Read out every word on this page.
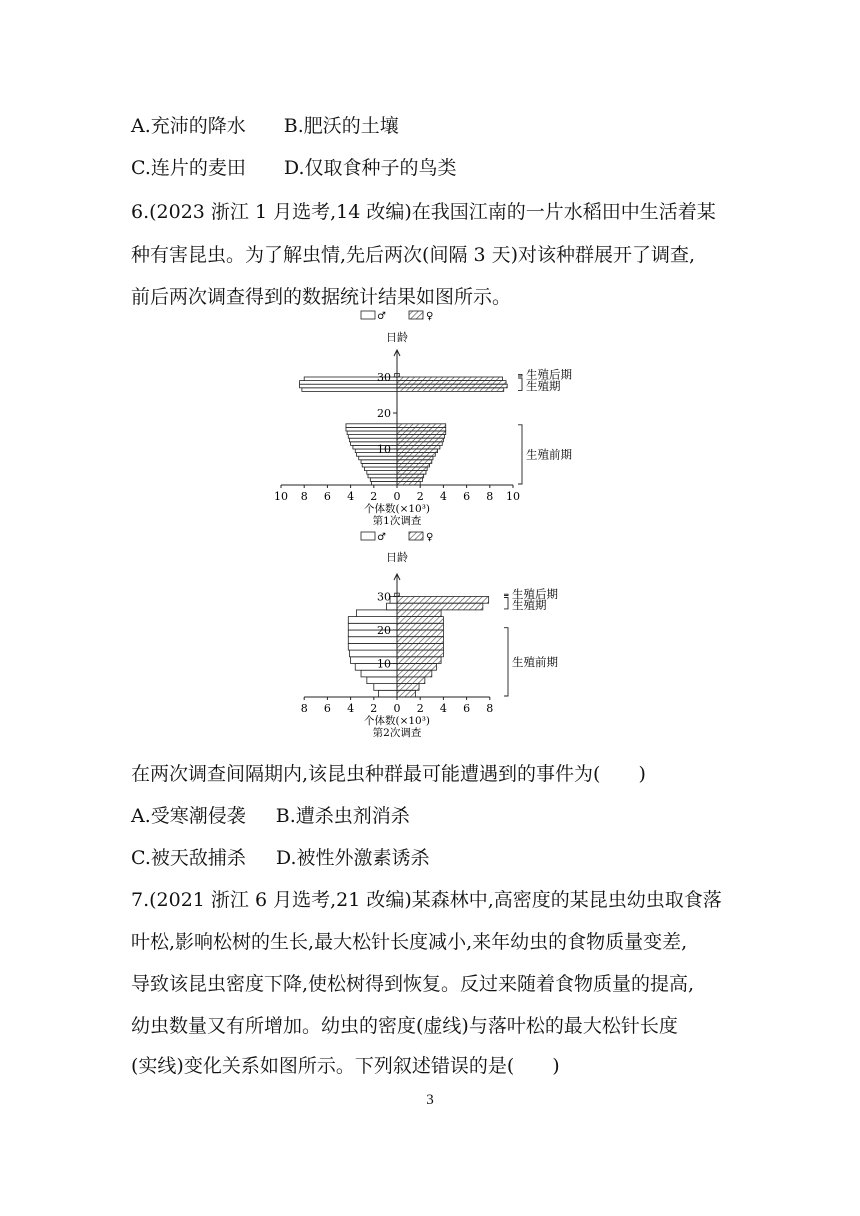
A.充沛的降水 B.肥沃的土壤
C.连片的麦田 D.仅取食种子的鸟类
6.(2023 浙江 1 月选考,14 改编)在我国江南的一片水稻田中生活着某
种有害昆虫。为了解虫情,先后两次(间隔 3 天)对该种群展开了调查,
前后两次调查得到的数据统计结果如图所示。
♂	♀
日龄
10
20
30
10 8 6 4 2 0 2 4 6 8 10
个体数(×10³)
第1次调查
生殖后期
生殖期
生殖前期
♂	♀
日龄
10
20
30
8 6 4 2 0 2 4 6 8
个体数(×10³)
第2次调查
生殖后期
生殖期
生殖前期
在两次调查间隔期内,该昆虫种群最可能遭遇到的事件为(　　)
A.受寒潮侵袭 B.遭杀虫剂消杀
C.被天敌捕杀 D.被性外激素诱杀
7.(2021 浙江 6 月选考,21 改编)某森林中,高密度的某昆虫幼虫取食落
叶松,影响松树的生长,最大松针长度减小,来年幼虫的食物质量变差,
导致该昆虫密度下降,使松树得到恢复。反过来随着食物质量的提高,
幼虫数量又有所增加。幼虫的密度(虚线)与落叶松的最大松针长度
(实线)变化关系如图所示。下列叙述错误的是(　　)
3
